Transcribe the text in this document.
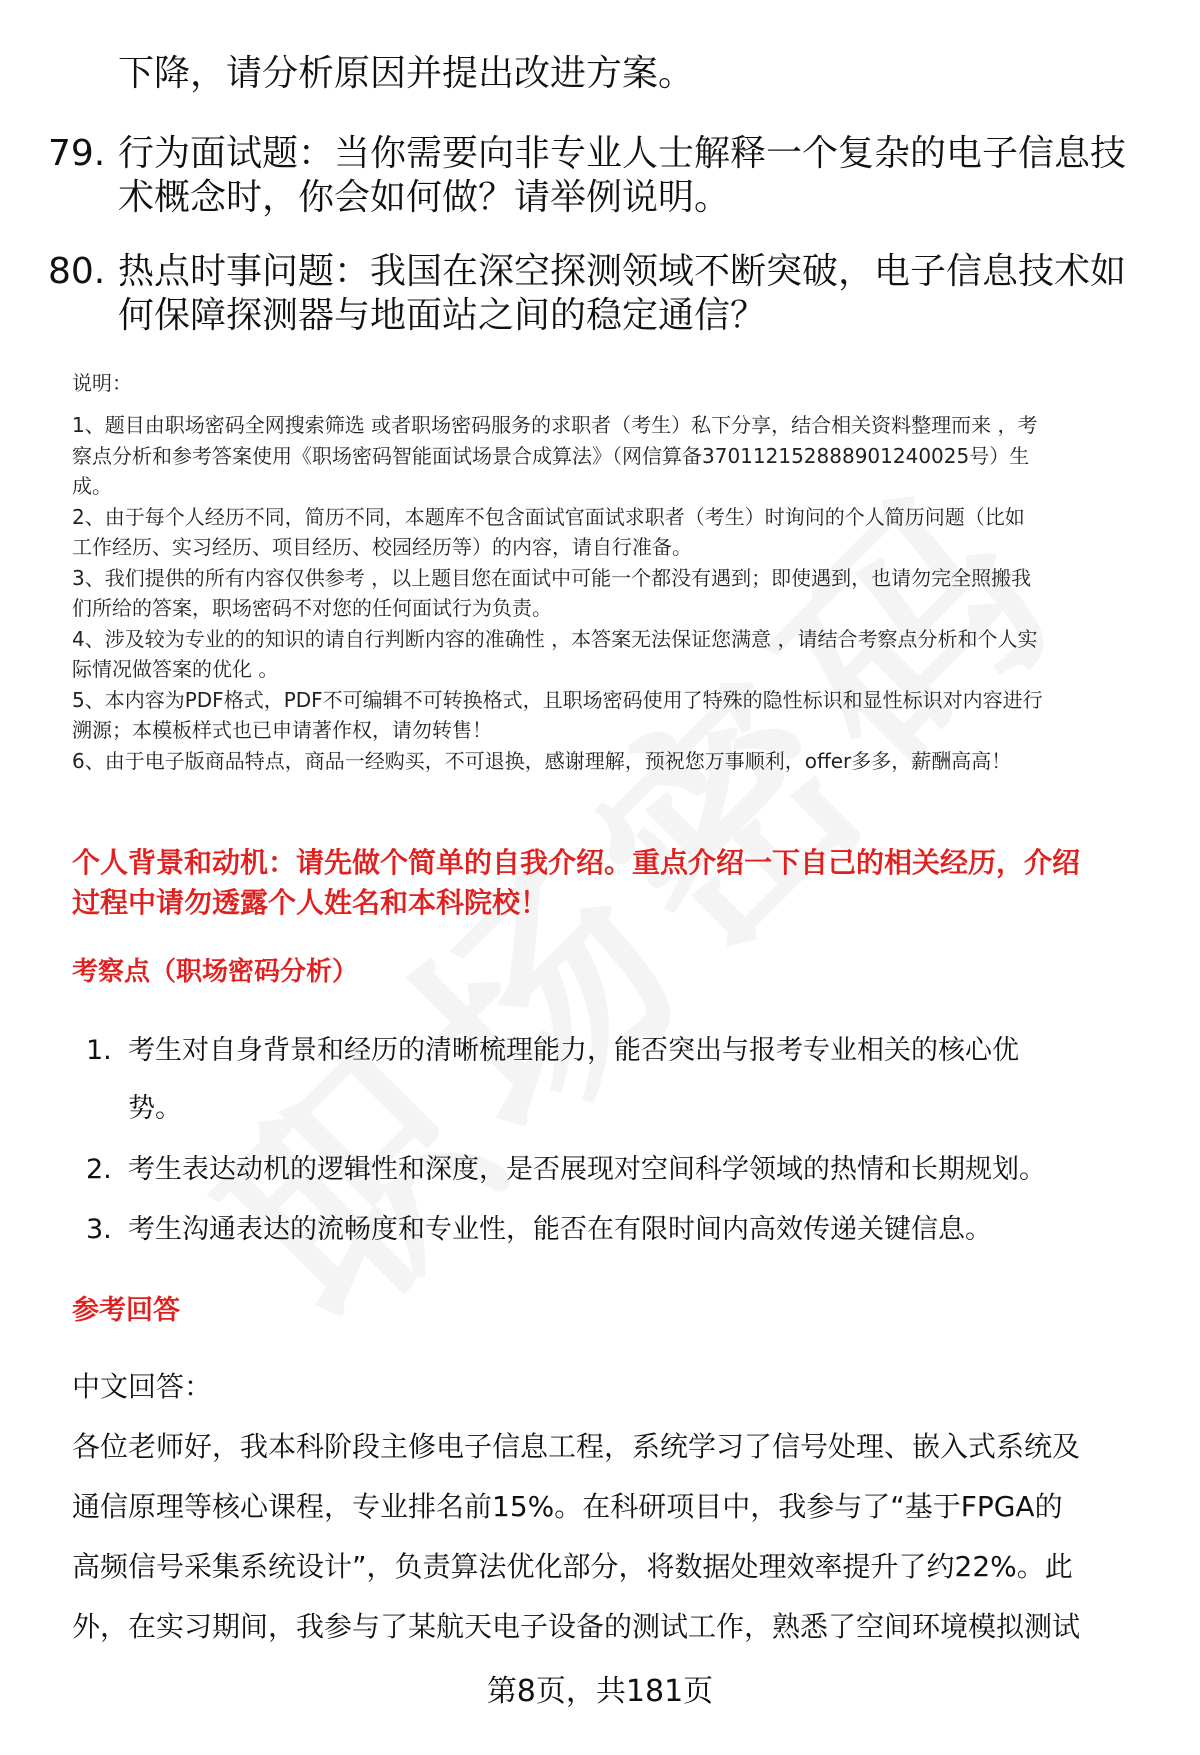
下降，请分析原因并提出改进方案。
79. 行为面试题：当你需要向非专业人士解释一个复杂的电子信息技
术概念时，你会如何做？请举例说明。
80. 热点时事问题：我国在深空探测领域不断突破，电子信息技术如
何保障探测器与地面站之间的稳定通信？
说明：
1、题目由职场密码全网搜索筛选 或者职场密码服务的求职者（考生）私下分享，结合相关资料整理而来 ，考
察点分析和参考答案使用《职场密码智能面试场景合成算法》（网信算备370112152888901240025号）生
成。
2、由于每个人经历不同，简历不同，本题库不包含面试官面试求职者（考生）时询问的个人简历问题（比如
工作经历、实习经历、项目经历、校园经历等）的内容，请自行准备。
3、我们提供的所有内容仅供参考 ，以上题目您在面试中可能一个都没有遇到；即使遇到，也请勿完全照搬我
们所给的答案，职场密码不对您的任何面试行为负责。
4、涉及较为专业的的知识的请自行判断内容的准确性 ，本答案无法保证您满意 ，请结合考察点分析和个人实
际情况做答案的优化 。
5、本内容为PDF格式，PDF不可编辑不可转换格式，且职场密码使用了特殊的隐性标识和显性标识对内容进行
溯源；本模板样式也已申请著作权，请勿转售！
6、由于电子版商品特点，商品一经购买，不可退换，感谢理解，预祝您万事顺利，offer多多，薪酬高高！
个人背景和动机：请先做个简单的自我介绍。重点介绍一下自己的相关经历，介绍
过程中请勿透露个人姓名和本科院校！
考察点（职场密码分析）
1. 考生对自身背景和经历的清晰梳理能力，能否突出与报考专业相关的核心优
势。
2. 考生表达动机的逻辑性和深度，是否展现对空间科学领域的热情和长期规划。
3. 考生沟通表达的流畅度和专业性，能否在有限时间内高效传递关键信息。
参考回答
中文回答：
各位老师好，我本科阶段主修电子信息工程，系统学习了信号处理、嵌入式系统及
通信原理等核心课程，专业排名前15%。在科研项目中，我参与了“基于FPGA的
高频信号采集系统设计”，负责算法优化部分，将数据处理效率提升了约22%。此
外，在实习期间，我参与了某航天电子设备的测试工作，熟悉了空间环境模拟测试
第8页，共181页
